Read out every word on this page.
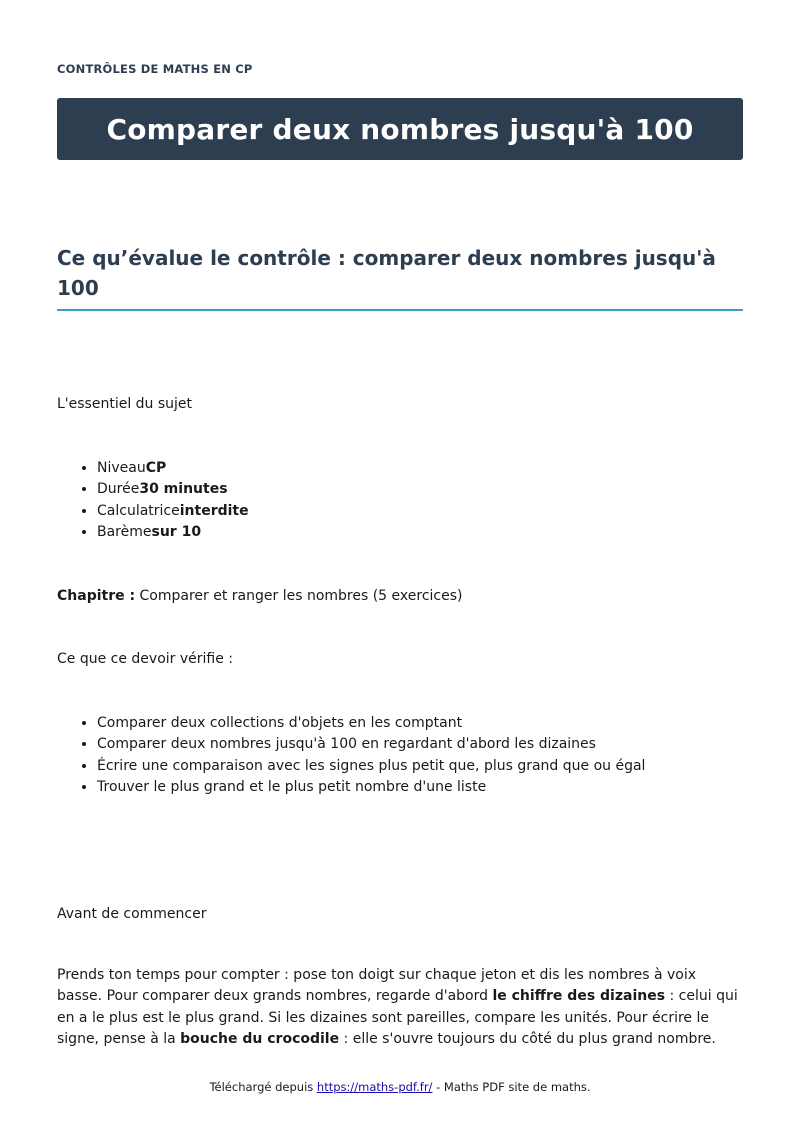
CONTRÔLES DE MATHS EN CP
Comparer deux nombres jusqu'à 100
Ce qu’évalue le contrôle : comparer deux nombres jusqu'à 100

L'essentiel du sujet

• NiveauCP
• Durée30 minutes
• Calculatriceinterdite
• Barèmesur 10

Chapitre : Comparer et ranger les nombres (5 exercices)

Ce que ce devoir vérifie :

• Comparer deux collections d'objets en les comptant
• Comparer deux nombres jusqu'à 100 en regardant d'abord les dizaines
• Écrire une comparaison avec les signes plus petit que, plus grand que ou égal
• Trouver le plus grand et le plus petit nombre d'une liste

Avant de commencer

Prends ton temps pour compter : pose ton doigt sur chaque jeton et dis les nombres à voix basse. Pour comparer deux grands nombres, regarde d'abord le chiffre des dizaines : celui qui en a le plus est le plus grand. Si les dizaines sont pareilles, compare les unités. Pour écrire le signe, pense à la bouche du crocodile : elle s'ouvre toujours du côté du plus grand nombre.

Téléchargé depuis https://maths-pdf.fr/ - Maths PDF site de maths.
